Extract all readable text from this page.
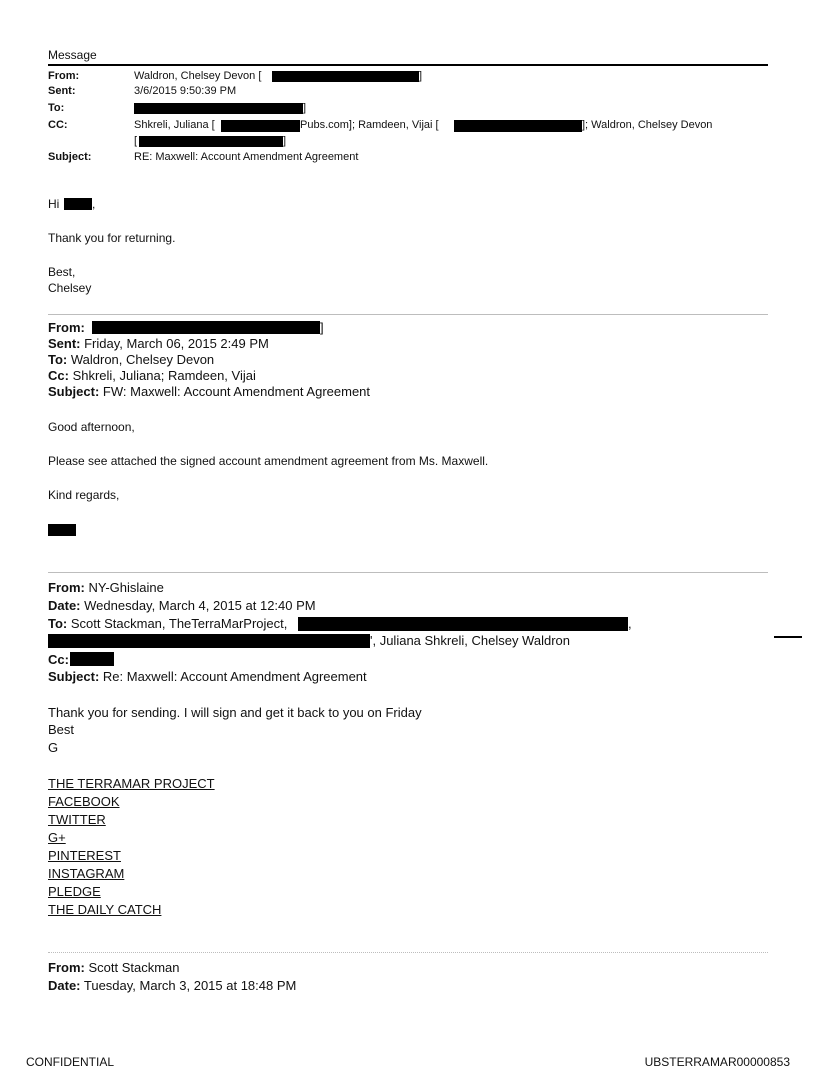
Message
From:	Waldron, Chelsey Devon [	]
Sent:	3/6/2015 9:50:39 PM
To:	]
CC:	Shkreli, Juliana [	Pubs.com]; Ramdeen, Vijai [	]; Waldron, Chelsey Devon
[	]
Subject:	RE: Maxwell: Account Amendment Agreement
Hi	,
Thank you for returning.
Best,
Chelsey
From:	]
Sent: Friday, March 06, 2015 2:49 PM
To: Waldron, Chelsey Devon
Cc: Shkreli, Juliana; Ramdeen, Vijai
Subject: FW: Maxwell: Account Amendment Agreement
Good afternoon,
Please see attached the signed account amendment agreement from Ms. Maxwell.
Kind regards,
From: NY-Ghislaine
Date: Wednesday, March 4, 2015 at 12:40 PM
To: Scott Stackman, TheTerraMarProject,	,
', Juliana Shkreli, Chelsey Waldron
Cc:
Subject: Re: Maxwell: Account Amendment Agreement
Thank you for sending. I will sign and get it back to you on Friday
Best
G
THE TERRAMAR PROJECT
FACEBOOK
TWITTER
G+
PINTEREST
INSTAGRAM
PLEDGE
THE DAILY CATCH
From: Scott Stackman
Date: Tuesday, March 3, 2015 at 18:48 PM
CONFIDENTIAL	UBSTERRAMAR00000853
